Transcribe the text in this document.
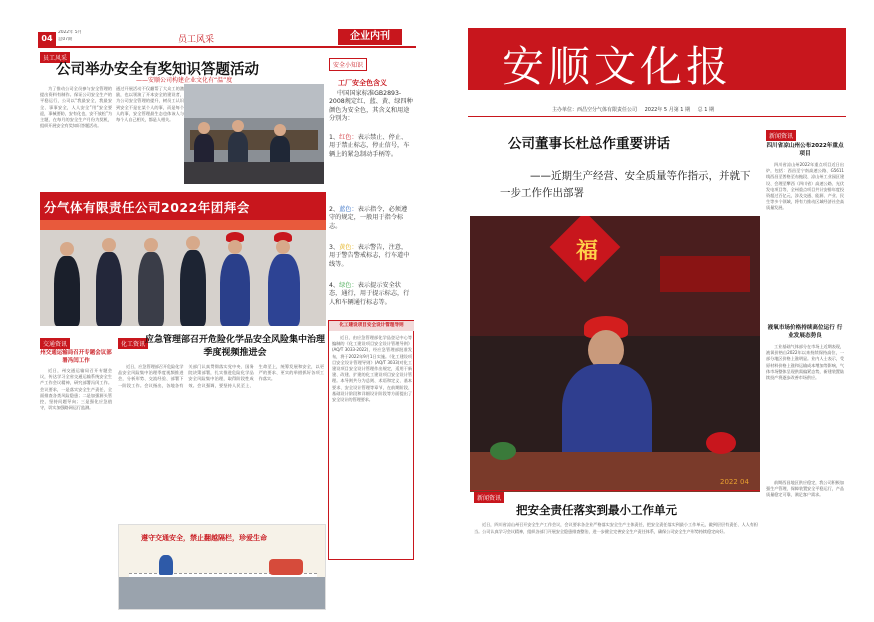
04
2022年 5月
总07期	员工风采	企业内刊
员工风采
公司举办安全有奖知识答题活动
——安顺公司构建企业文化有“温”度
为了推动公司全员参与安全管理的提出资料有制作。保证公司安全生产的平稳运行，公司以“我最安全，我最安全、事事安全，人人安全”用“安全要迎，事械要防，安有化也，安不放松”为主题，在每月的安全生产月份为契机，组织开展安全有奖知识答题活动。
通过开展活动不仅翻帮了大众工的激励，也以领演了开本安全的建设者，为公司安全管理的提升，树员工认识到安全不是在某个人的事，而是每个人的事，安全管理最生态也体该人与每个人自己相关，都是人相关。
安全小知识
工厂安全色含义
中国国家标准GB2893-2008规定红、蓝、黄、绿四种颜色为安全色，其含义和用途分别为：
1、红色：表示禁止、停止、用于禁止标志，停止信号，车辆上的紧急制动手柄等。
2、蓝色：表示指令，必须遵守的规定，一般用于指令标志。
3、黄色：表示警告，注意，用于警告警戒标志，行车道中线等。
4、绿色：表示提示安全状态，通行，用于提示标志，行人和车辆通行标志等。
分气体有限责任公司2022年团拜会
化工建设项目安全设计管理导则
近日，由应急管理部化学品登记中心等编制的《化工建设项目安全设计管理导则》(AQ/T 3033-2022)，经应急管理部批准发布，将于2022年9月1日实施。《化工建设项目安全设计管理导则》(AQ/T 3033)对化工建设项目安全设计管理作出规定，适用于新建、改建、扩建的化工建设项目安全设计管理。本导则共分为总则、术语和定义、基本要求、安全设计管理等章节，在前期阶段、基础设计阶段和详细设计阶段等方面提出了安全设计的管理要求。
交通资讯
州交通运输局召开专题会议部署冯闰工作
近日，州交通运输局召开专题会议，传达学习全省交通运输系统安全生产工作会议精神，研究部署冯闰工作。会议要求，一是落实安全生产责任，全面排查各类风险隐患；二是加强源头管控，坚持问题导向；三是强化应急值守，切实加强路网运行监测。
化工资讯 应急管理部召开危险化学品安全风险集中治理季度视频推进会
近日，应急管理部召开危险化学品安全风险集中治理季度视频推进会，分析形势、交流经验、部署下一阶段工作。会议指出，各地各有关部门认真贯彻落实党中央、国务院决策部署，扎实推进危险化学品安全风险集中治理，取得阶段性成效。会议强调，要坚持人民至上、生命至上，统筹发展和安全，以更严的要求、更实的举措抓好各项工作落实。
遵守交通安全，禁止翻越隔栏，珍爱生命
安顺文化报
主办单位：西昌空分气体有限责任公司 2022年 5 月第 1 期 总 1 期
公司董事长杜总作重要讲话
——近期生产经营、安全质量等作指示，并就下一步工作作出部署
福
2022 04
新闻资讯
四川省凉山州公布2022年重点项目
四川省凉山州2022年重点项目近日出炉，包括：西昌至宁南高速公路、G5611 线西昌至普格至布拖段、凉山州工业园区建设、会理至攀西（四川省）高速公路、光伏发电项目等，全州重点项目共计安排年度投资超过百亿元，涉及交通、能源、产业、民生等多个领域，将有力推动区域经济社会高质量发展。
液氧市场价格持续高位运行 行业发展态势良
工业基础气体部分在市场上近期表现，液氧价格自2022年以来持续保持高位，一部分地区价格上涨明显。业内人士表示，受原材料价格上涨和运输成本增加等影响，气体市场整体呈现供需偏紧态势，新建装置陆续投产将逐步改善市场供应。
前期西昌地区供应稳定，我公司积极加强生产管理，保障装置安全平稳运行，产品质量稳定可靠，满足客户需求。
新闻资讯
把安全责任落实到最小工作单元
近日，四川省凉山州召开安全生产工作会议，会议要求各企业严格落实安全生产主体责任，把安全责任落实到最小工作单元，做到层层有责任、人人有担当。公司认真学习会议精神，组织各部门开展安全隐患排查整治，进一步健全完善安全生产责任体系，确保公司安全生产形势持续稳定向好。
